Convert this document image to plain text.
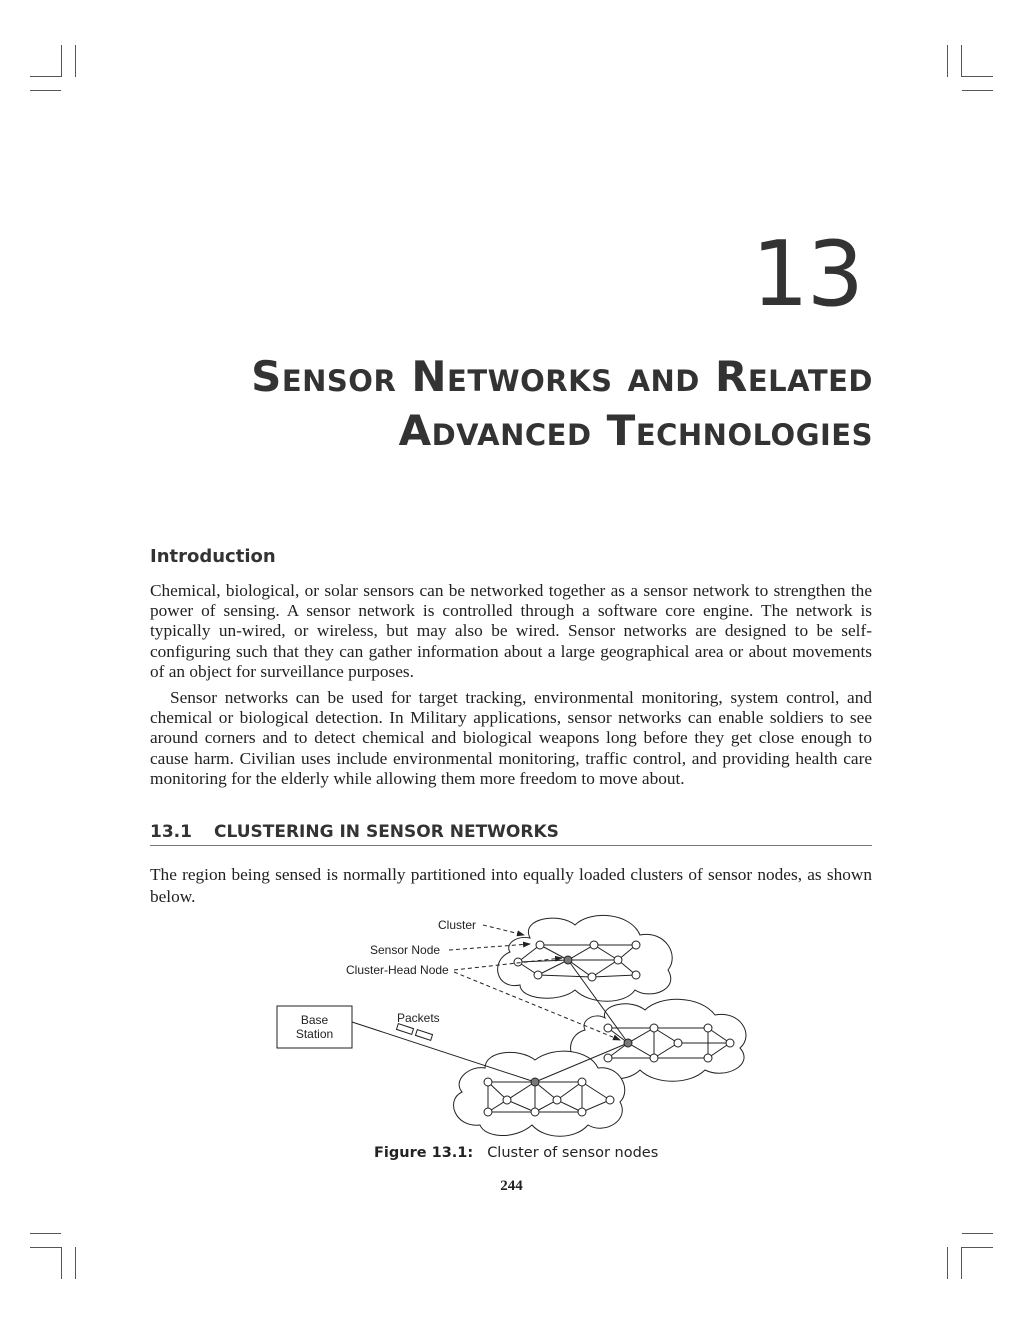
13
Sensor Networks and Related
Advanced Technologies
Introduction

Chemical, biological, or solar sensors can be networked together as a sensor network to strengthen the power of sensing. A sensor network is controlled through a software core engine. The network is typically un-wired, or wireless, but may also be wired. Sensor networks are designed to be self-configuring such that they can gather information about a large geographical area or about movements of an object for surveillance purposes.

Sensor networks can be used for target tracking, environmental monitoring, system control, and chemical or biological detection. In Military applications, sensor networks can enable soldiers to see around corners and to detect chemical and biological weapons long before they get close enough to cause harm. Civilian uses include environmental monitoring, traffic control, and providing health care monitoring for the elderly while allowing them more freedom to move about.

13.1 CLUSTERING IN SENSOR NETWORKS

The region being sensed is normally partitioned into equally loaded clusters of sensor nodes, as shown below.

Cluster
Sensor Node
Cluster-Head Node
Packets
Base
Station
Figure 13.1: Cluster of sensor nodes
244
